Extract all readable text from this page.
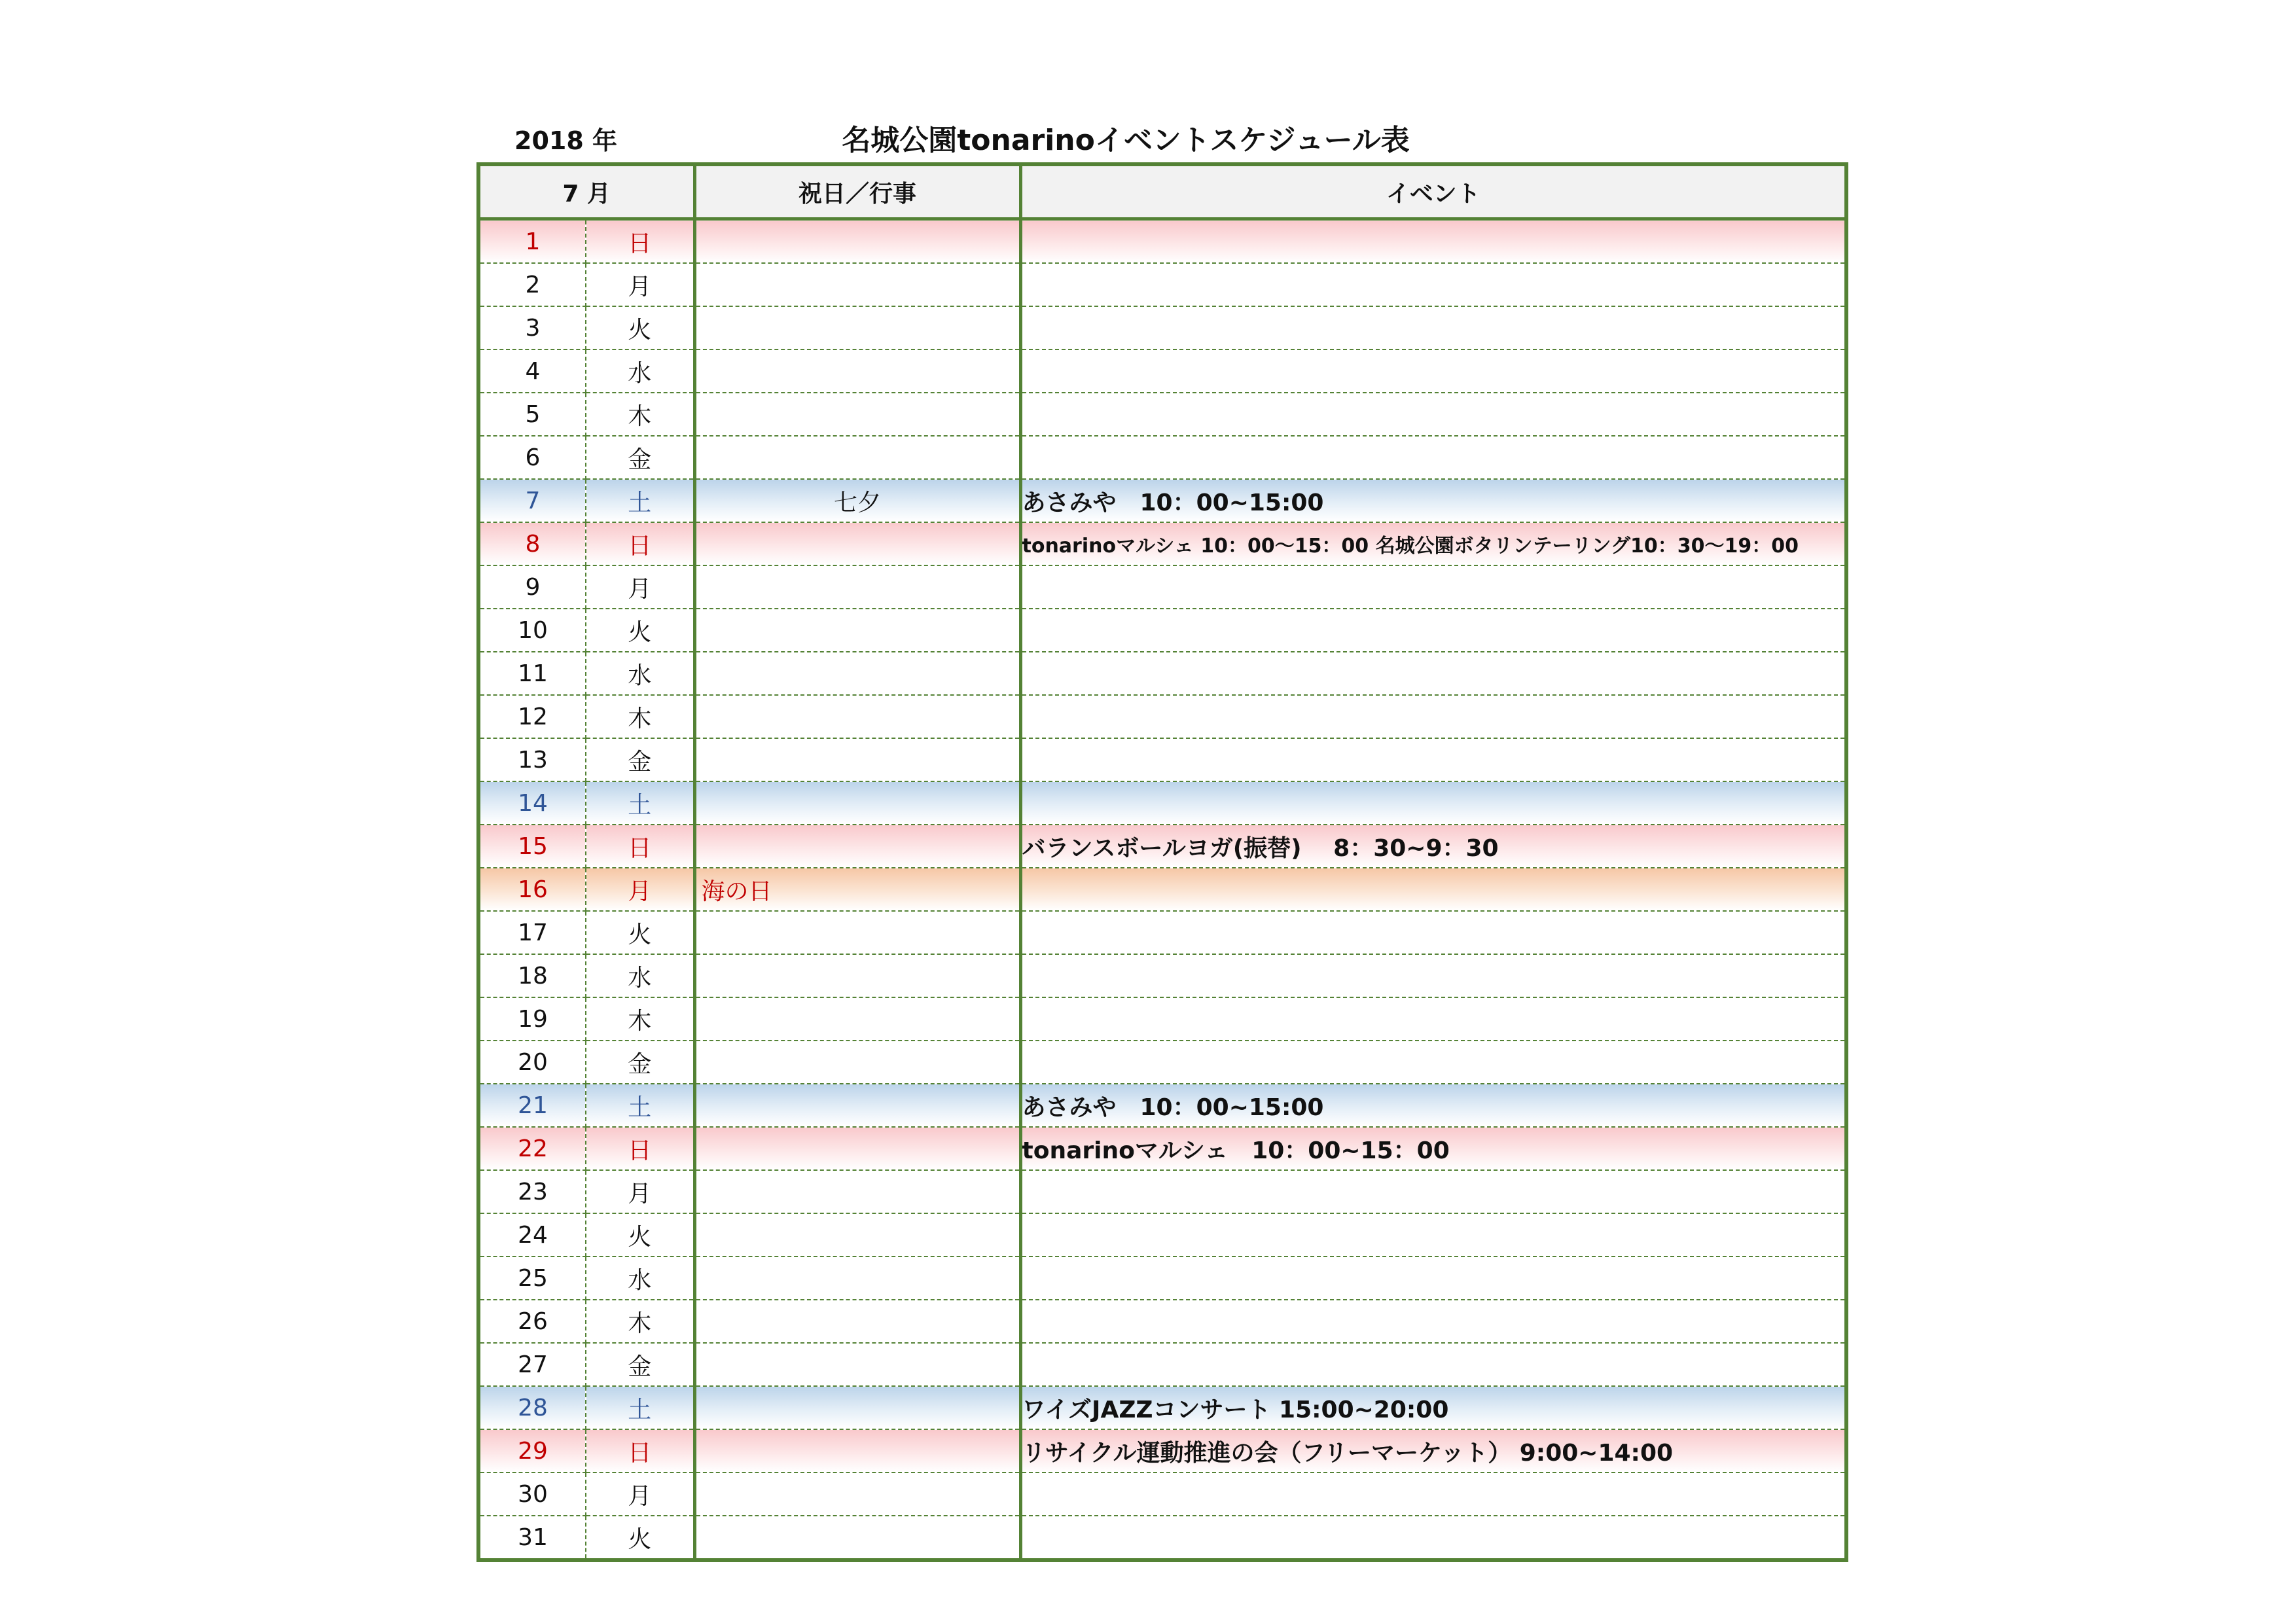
2018 年	名城公園tonarinoイベントスケジュール表
7 月		祝日／行事	イベント
1	日		
2	月		
3	火		
4	水		
5	木		
6	金		
7	土	七夕	あさみや　10：00~15:00
8	日		tonarinoマルシェ 10：00～15：00 名城公園ボタリンテーリング10：30～19：00
9	月		
10	火		
11	水		
12	木		
13	金		
14	土		
15	日		バランスボールヨガ(振替)　 8：30~9：30
16	月	海の日	
17	火		
18	水		
19	木		
20	金		
21	土		あさみや　10：00~15:00
22	日		tonarinoマルシェ　10：00~15：00
23	月		
24	火		
25	水		
26	木		
27	金		
28	土		ワイズJAZZコンサート 15:00~20:00
29	日		リサイクル運動推進の会（フリーマーケット） 9:00~14:00
30	月		
31	火		
